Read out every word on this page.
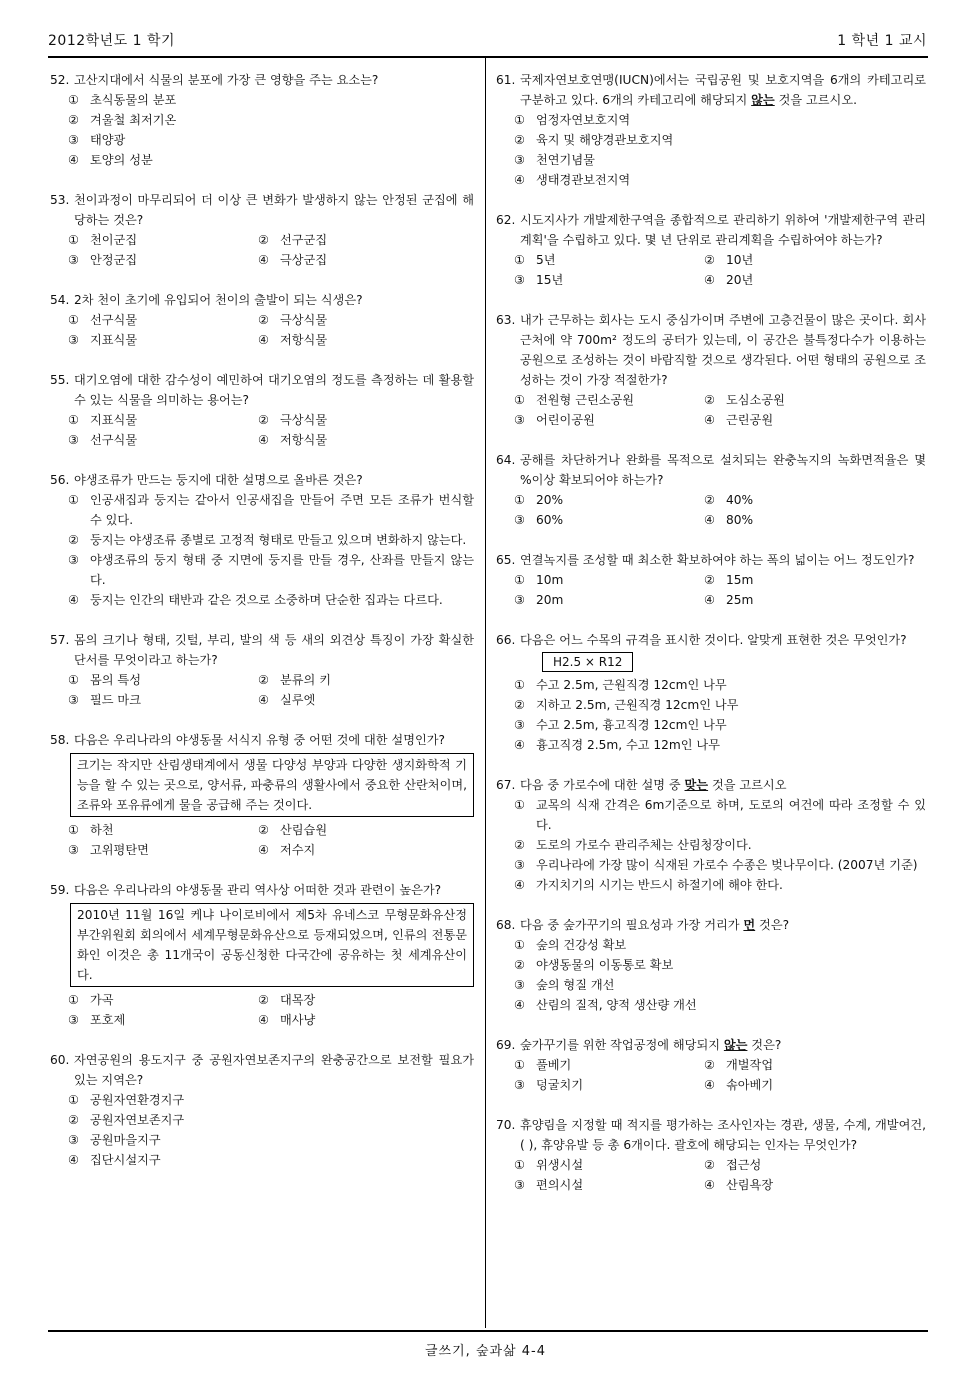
2012학년도 1 학기	1 학년 1 교시
52. 고산지대에서 식물의 분포에 가장 큰 영향을 주는 요소는?
① 초식동물의 분포
② 겨울철 최저기온
③ 태양광
④ 토양의 성분
53. 천이과정이 마무리되어 더 이상 큰 변화가 발생하지 않는 안정된 군집에 해당하는 것은?
① 천이군집	② 선구군집
③ 안정군집	④ 극상군집
54. 2차 천이 초기에 유입되어 천이의 출발이 되는 식생은?
① 선구식물	② 극상식물
③ 지표식물	④ 저항식물
55. 대기오염에 대한 감수성이 예민하여 대기오염의 정도를 측정하는 데 활용할 수 있는 식물을 의미하는 용어는?
① 지표식물	② 극상식물
③ 선구식물	④ 저항식물
56. 야생조류가 만드는 둥지에 대한 설명으로 올바른 것은?
① 인공새집과 둥지는 같아서 인공새집을 만들어 주면 모든 조류가 번식할 수 있다.
② 둥지는 야생조류 종별로 고정적 형태로 만들고 있으며 변화하지 않는다.
③ 야생조류의 둥지 형태 중 지면에 둥지를 만들 경우, 산좌를 만들지 않는다.
④ 둥지는 인간의 태반과 같은 것으로 소중하며 단순한 집과는 다르다.
57. 몸의 크기나 형태, 깃털, 부리, 발의 색 등 새의 외견상 특징이 가장 확실한 단서를 무엇이라고 하는가?
① 몸의 특성	② 분류의 키
③ 필드 마크	④ 실루엣
58. 다음은 우리나라의 야생동물 서식지 유형 중 어떤 것에 대한 설명인가?
크기는 작지만 산림생태계에서 생물 다양성 부양과 다양한 생지화학적 기능을 할 수 있는 곳으로, 양서류, 파충류의 생활사에서 중요한 산란처이며, 조류와 포유류에게 물을 공급해 주는 것이다.
① 하천	② 산림습원
③ 고위평탄면	④ 저수지
59. 다음은 우리나라의 야생동물 관리 역사상 어떠한 것과 관련이 높은가?
2010년 11월 16일 케냐 나이로비에서 제5차 유네스코 무형문화유산정부간위원회 회의에서 세계무형문화유산으로 등재되었으며, 인류의 전통문화인 이것은 총 11개국이 공동신청한 다국간에 공유하는 첫 세계유산이다.
① 가곡	② 대목장
③ 포호제	④ 매사냥
60. 자연공원의 용도지구 중 공원자연보존지구의 완충공간으로 보전할 필요가 있는 지역은?
① 공원자연환경지구
② 공원자연보존지구
③ 공원마을지구
④ 집단시설지구
61. 국제자연보호연맹(IUCN)에서는 국립공원 및 보호지역을 6개의 카테고리로 구분하고 있다. 6개의 카테고리에 해당되지 않는 것을 고르시오.
① 엄정자연보호지역
② 육지 및 해양경관보호지역
③ 천연기념물
④ 생태경관보전지역
62. 시도지사가 개발제한구역을 종합적으로 관리하기 위하여 '개발제한구역 관리계획'을 수립하고 있다. 몇 년 단위로 관리계획을 수립하여야 하는가?
① 5년	② 10년
③ 15년	④ 20년
63. 내가 근무하는 회사는 도시 중심가이며 주변에 고층건물이 많은 곳이다. 회사 근처에 약 700m² 정도의 공터가 있는데, 이 공간은 불특정다수가 이용하는 공원으로 조성하는 것이 바람직할 것으로 생각된다. 어떤 형태의 공원으로 조성하는 것이 가장 적절한가?
① 전원형 근린소공원	② 도심소공원
③ 어린이공원	④ 근린공원
64. 공해를 차단하거나 완화를 목적으로 설치되는 완충녹지의 녹화면적율은 몇 %이상 확보되어야 하는가?
① 20%	② 40%
③ 60%	④ 80%
65. 연결녹지를 조성할 때 최소한 확보하여야 하는 폭의 넓이는 어느 정도인가?
① 10m	② 15m
③ 20m	④ 25m
66. 다음은 어느 수목의 규격을 표시한 것이다. 알맞게 표현한 것은 무엇인가?
H2.5 × R12
① 수고 2.5m, 근원직경 12cm인 나무
② 지하고 2.5m, 근원직경 12cm인 나무
③ 수고 2.5m, 흉고직경 12cm인 나무
④ 흉고직경 2.5m, 수고 12m인 나무
67. 다음 중 가로수에 대한 설명 중 맞는 것을 고르시오
① 교목의 식재 간격은 6m기준으로 하며, 도로의 여건에 따라 조정할 수 있다.
② 도로의 가로수 관리주체는 산림청장이다.
③ 우리나라에 가장 많이 식재된 가로수 수종은 벚나무이다. (2007년 기준)
④ 가지치기의 시기는 반드시 하절기에 해야 한다.
68. 다음 중 숲가꾸기의 필요성과 가장 거리가 먼 것은?
① 숲의 건강성 확보
② 야생동물의 이동통로 확보
③ 숲의 형질 개선
④ 산림의 질적, 양적 생산량 개선
69. 숲가꾸기를 위한 작업공정에 해당되지 않는 것은?
① 풀베기	② 개벌작업
③ 덩굴치기	④ 솎아베기
70. 휴양림을 지정할 때 적지를 평가하는 조사인자는 경관, 생물, 수계, 개발여건, ( ), 휴양유발 등 총 6개이다. 괄호에 해당되는 인자는 무엇인가?
① 위생시설	② 접근성
③ 편의시설	④ 산림욕장
글쓰기, 숲과삶 4-4
